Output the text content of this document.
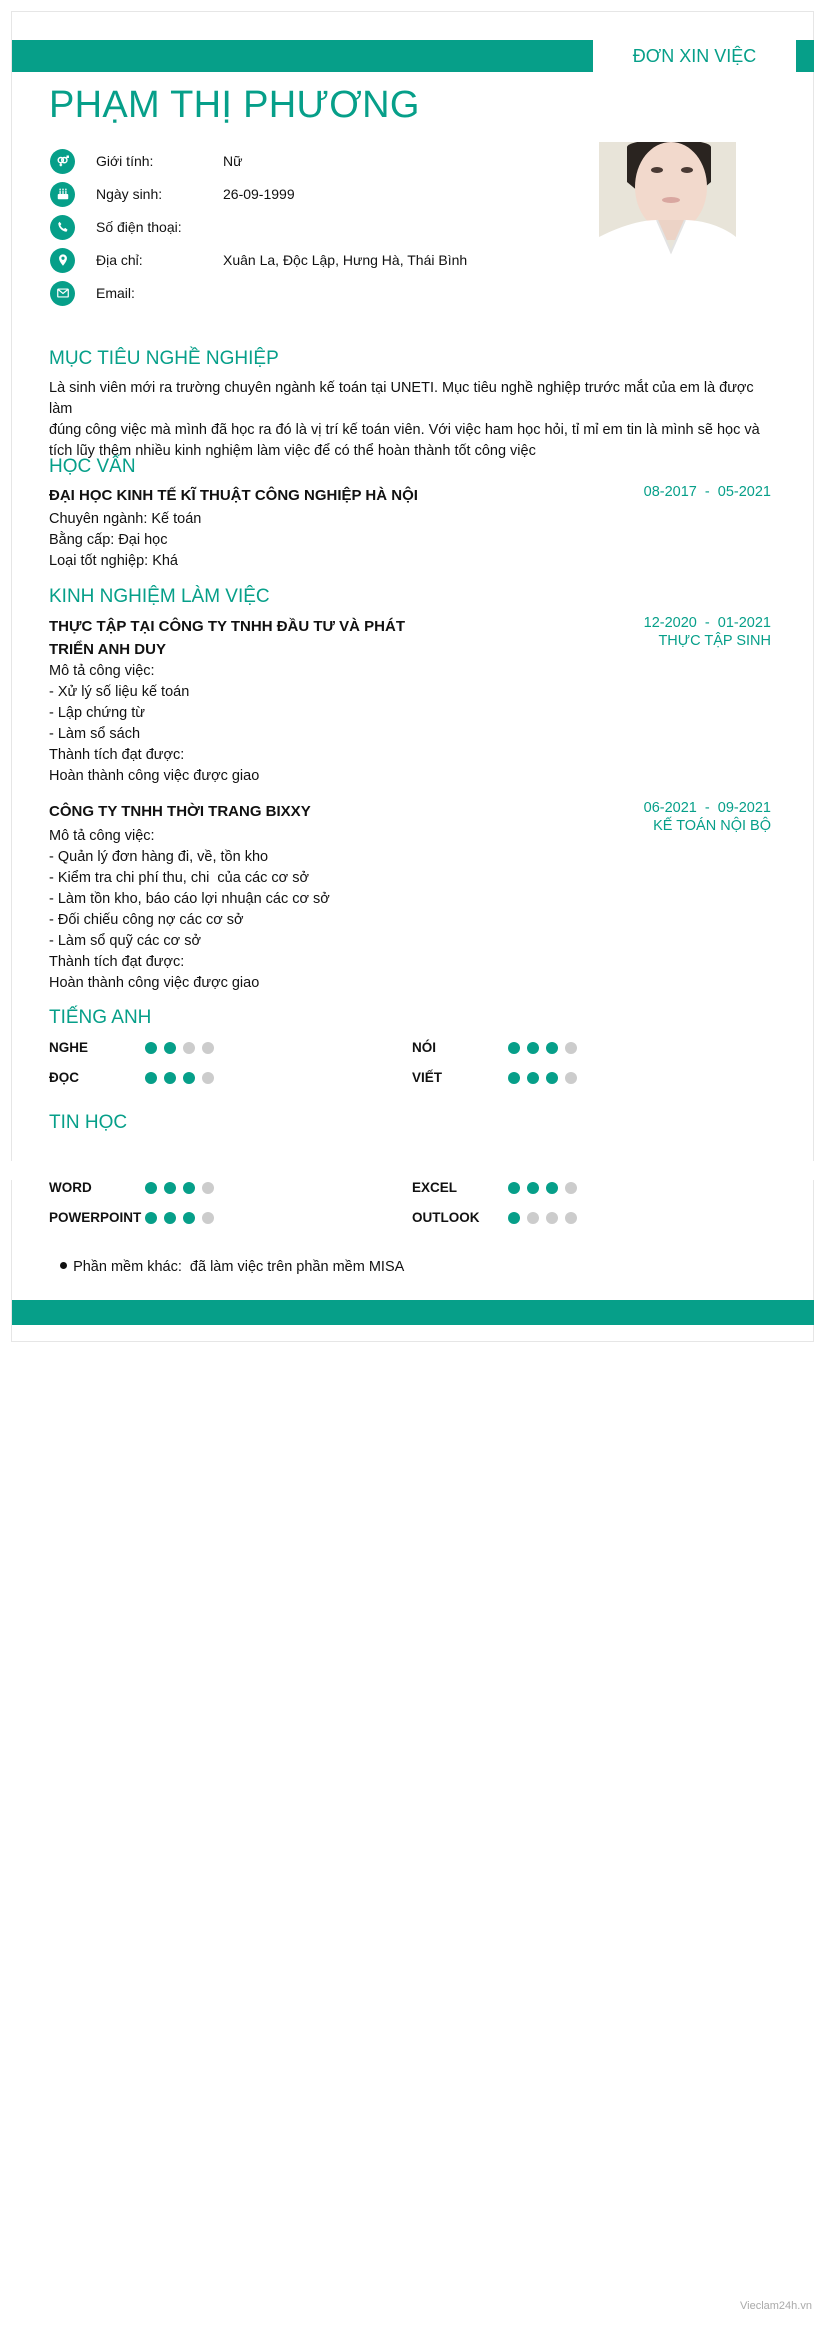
ĐƠN XIN VIỆC
PHẠM THỊ PHƯƠNG
Giới tính:	Nữ
Ngày sinh:	26-09-1999
Số điện thoại:
Địa chỉ:	Xuân La, Độc Lập, Hưng Hà, Thái Bình
Email:
MỤC TIÊU NGHỀ NGHIỆP
Là sinh viên mới ra trường chuyên ngành kế toán tại UNETI. Mục tiêu nghề nghiệp trước mắt của em là được làm
đúng công việc mà mình đã học ra đó là vị trí kế toán viên. Với việc ham học hỏi, tỉ mỉ em tin là mình sẽ học và
tích lũy thêm nhiều kinh nghiệm làm việc để có thể hoàn thành tốt công việc
HỌC VẤN
ĐẠI HỌC KINH TẾ KĨ THUẬT CÔNG NGHIỆP HÀ NỘI	08-2017  -  05-2021
Chuyên ngành: Kế toán
Bằng cấp: Đại học
Loại tốt nghiệp: Khá
KINH NGHIỆM LÀM VIỆC
THỰC TẬP TẠI CÔNG TY TNHH ĐẦU TƯ VÀ PHÁT
TRIỂN ANH DUY
12-2020  -  01-2021
THỰC TẬP SINH
Mô tả công việc:
- Xử lý số liệu kế toán
- Lập chứng từ
- Làm sổ sách
Thành tích đạt được:
Hoàn thành công việc được giao
CÔNG TY TNHH THỜI TRANG BIXXY	06-2021  -  09-2021
KẾ TOÁN NỘI BỘ
Mô tả công việc:
- Quản lý đơn hàng đi, về, tồn kho
- Kiểm tra chi phí thu, chi  của các cơ sở
- Làm tồn kho, báo cáo lợi nhuận các cơ sở
- Đối chiếu công nợ các cơ sở
- Làm sổ quỹ các cơ sở
Thành tích đạt được:
Hoàn thành công việc được giao
TIẾNG ANH
NGHE	NÓI
ĐỌC	VIẾT
TIN HỌC
WORD	EXCEL
POWERPOINT	OUTLOOK

Phần mềm khác:  đã làm việc trên phần mềm MISA

Vieclam24h.vn
